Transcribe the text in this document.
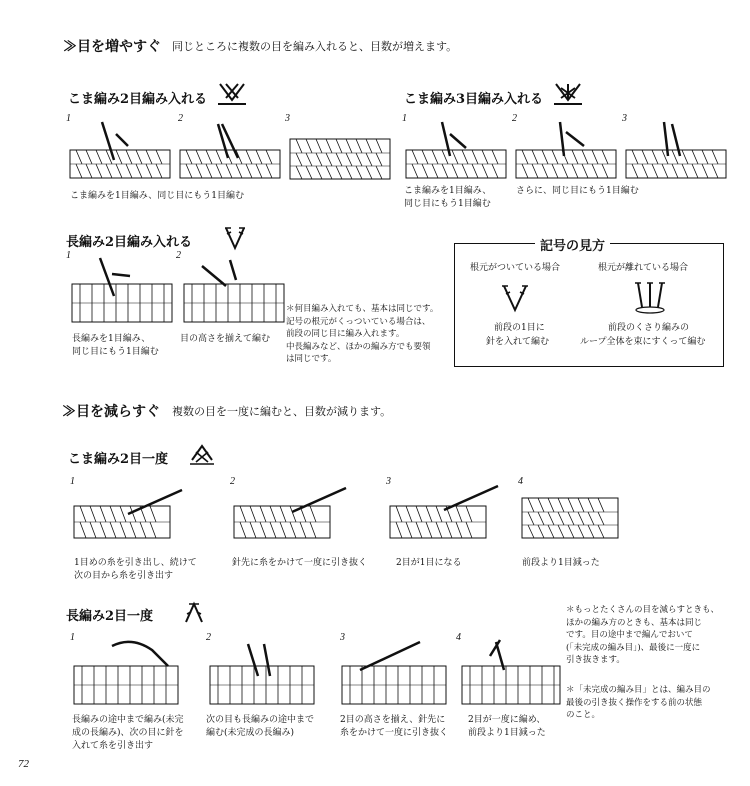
≫目を増やすぐ 同じところに複数の目を編み入れると、目数が増えます。
こま編み2目編み入れる
1	2	3
こま編みを1目編み、同じ目にもう1目編む
こま編み3目編み入れる
1	2	3
こま編みを1目編み、
同じ目にもう1目編む
さらに、同じ目にもう1目編む
長編み2目編み入れる
1	2
長編みを1目編み、
同じ目にもう1目編む
目の高さを揃えて編む
＊何目編み入れても、基本は同じです。
記号の根元がくっついている場合は、
前段の同じ目に編み入れます。
中長編みなど、ほかの編み方でも要領
は同じです。
記号の見方
根元がついている場合	根元が離れている場合
前段の1目に
針を入れて編む
前段のくさり編みの
ループ全体を束にすくって編む
≫目を減らすぐ 複数の目を一度に編むと、目数が減ります。
こま編み2目一度
1	2	3	4
1目めの糸を引き出し、続けて
次の目から糸を引き出す
針先に糸をかけて一度に引き抜く	2目が1目になる	前段より1目減った
長編み2目一度
1	2	3	4
長編みの途中まで編み(未完
成の長編み)、次の目に針を
入れて糸を引き出す
次の目も長編みの途中まで
編む(未完成の長編み)
2目の高さを揃え、針先に
糸をかけて一度に引き抜く
2目が一度に編め、
前段より1目減った
＊もっとたくさんの目を減らすときも、
ほかの編み方のときも、基本は同じ
です。目の途中まで編んでおいて
(「未完成の編み目」)、最後に一度に
引き抜きます。
＊「未完成の編み目」とは、編み目の
最後の引き抜く操作をする前の状態
のこと。
72
